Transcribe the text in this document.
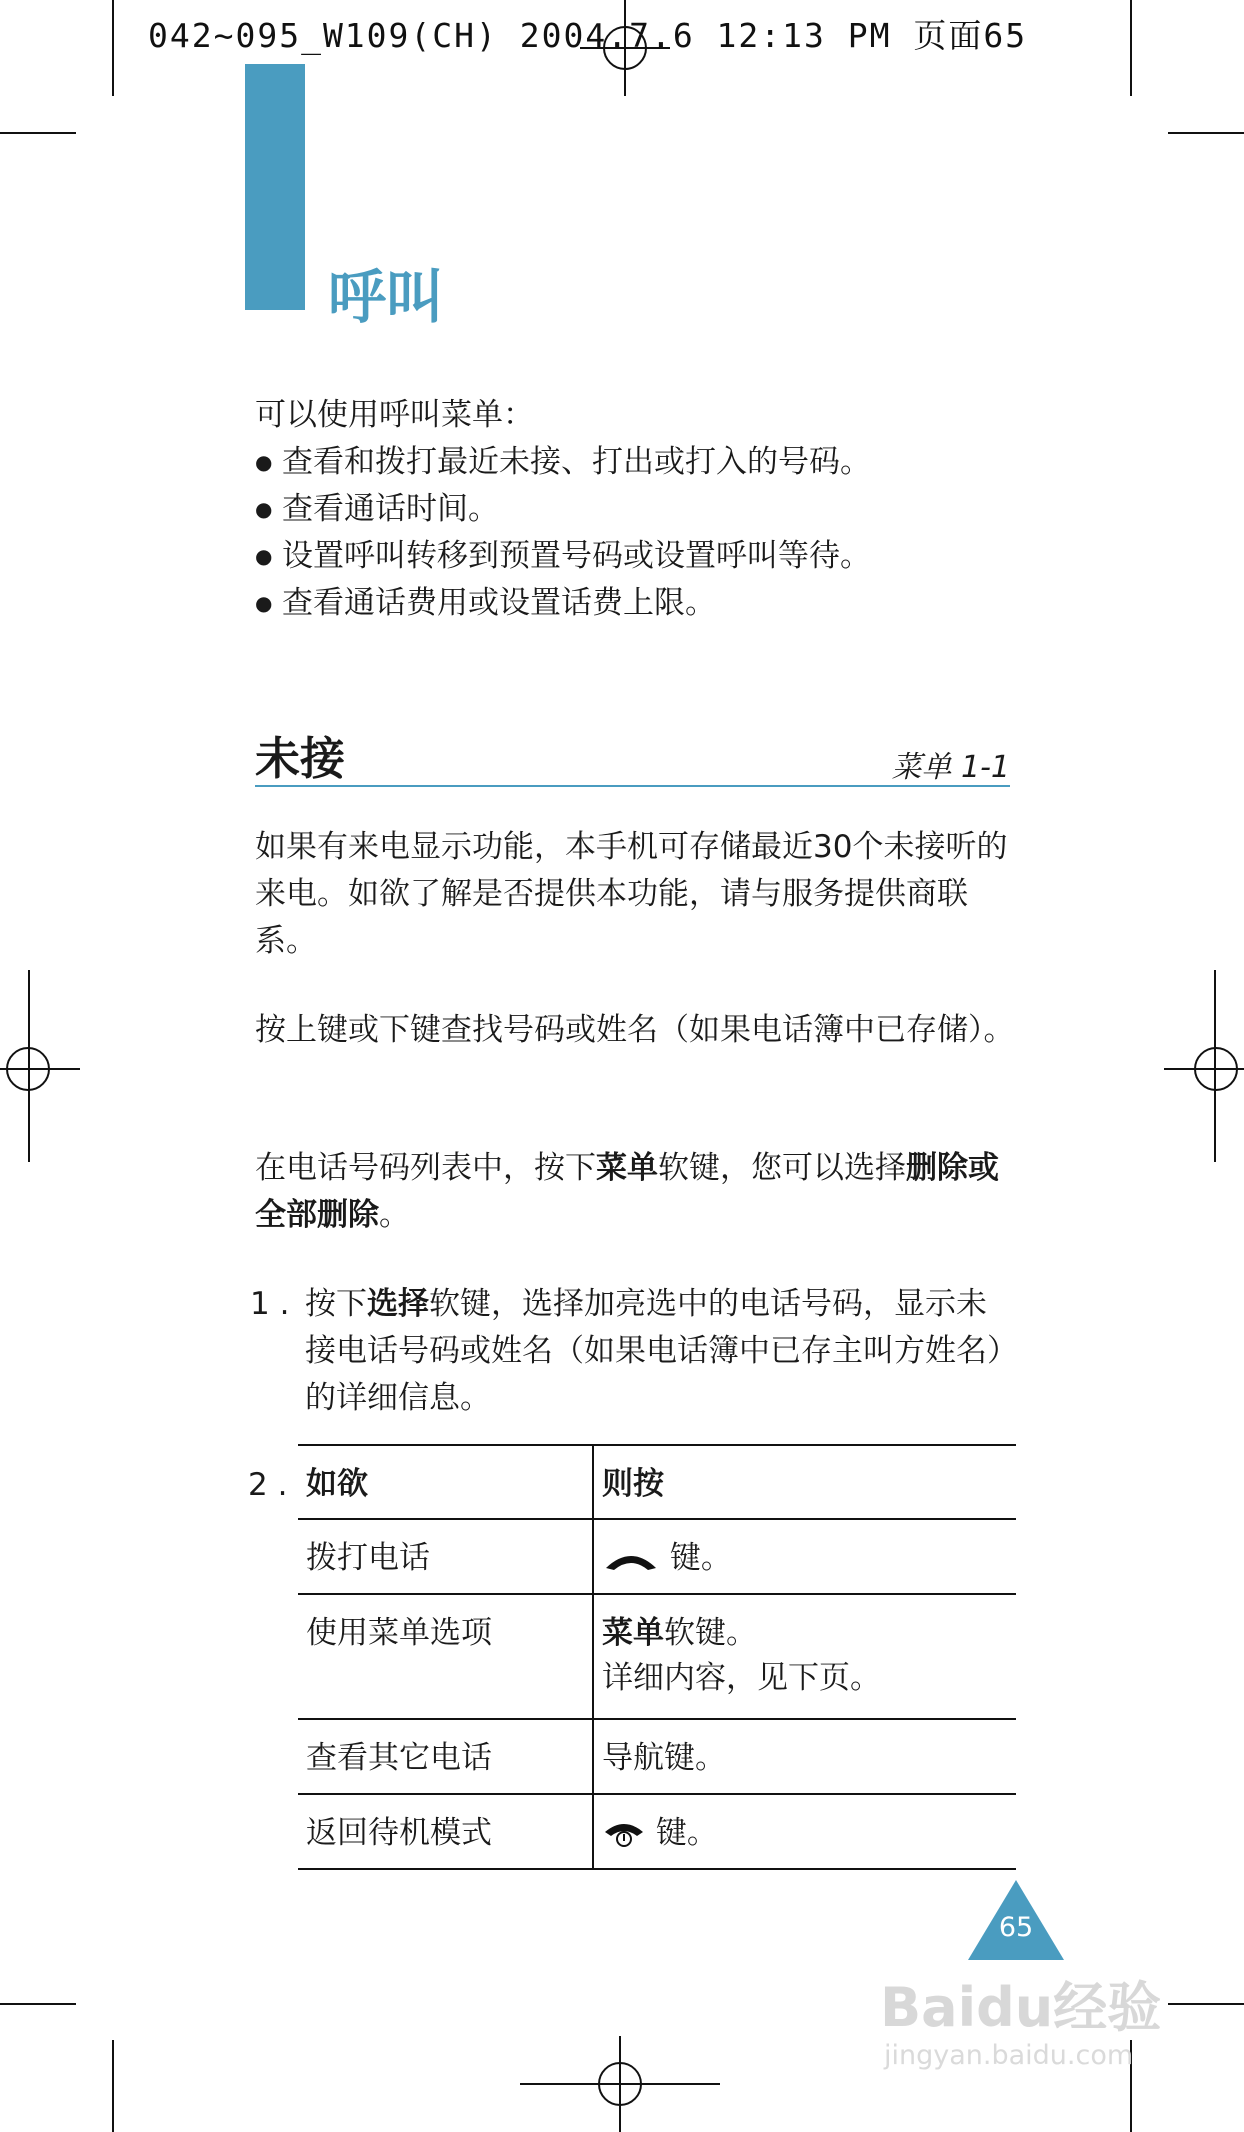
042~095_W109(CH) 2004.7.6 12:13 PM 页面65
呼叫
可以使用呼叫菜单：
● 查看和拨打最近未接、打出或打入的号码。
● 查看通话时间。
● 设置呼叫转移到预置号码或设置呼叫等待。
● 查看通话费用或设置话费上限。
未接	菜单 1-1
如果有来电显示功能，本手机可存储最近30个未接听的来电。如欲了解是否提供本功能，请与服务提供商联系。
按上键或下键查找号码或姓名（如果电话簿中已存储）。
在电话号码列表中，按下菜单软键，您可以选择删除或全部删除。
1 . 按下选择软键，选择加亮选中的电话号码，显示未接电话号码或姓名（如果电话簿中已存主叫方姓名）的详细信息。
2 . 如欲	则按
拨打电话	键。
使用菜单选项	菜单软键。
详细内容，见下页。
查看其它电话	导航键。
返回待机模式	键。
65
Baidu经验
jingyan.baidu.com
